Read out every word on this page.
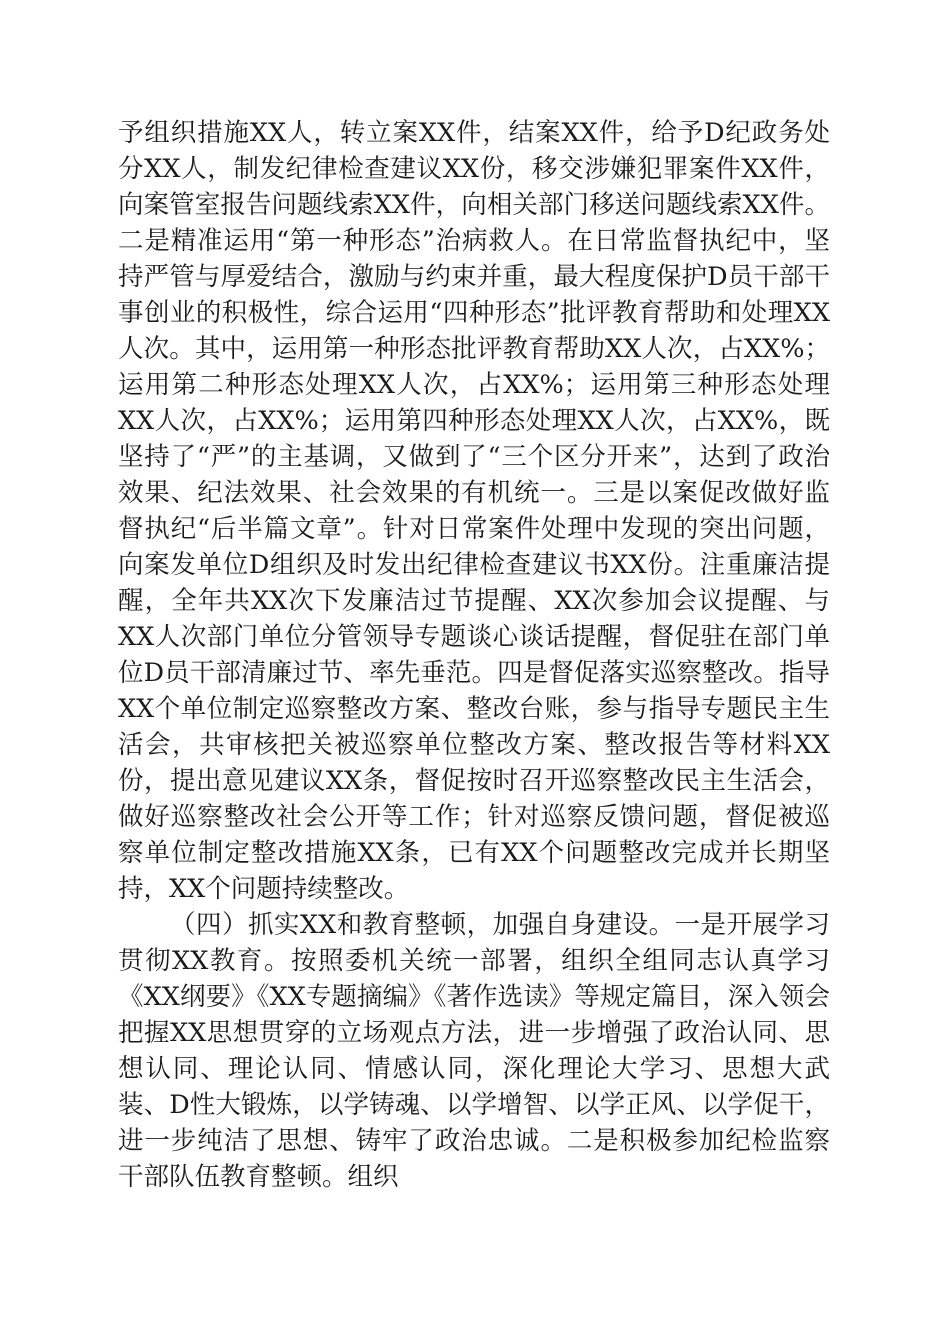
予组织措施XX人，转立案XX件，结案XX件，给予D纪政务处分XX人，制发纪律检查建议XX份，移交涉嫌犯罪案件XX件，向案管室报告问题线索XX件，向相关部门移送问题线索XX件。二是精准运用“第一种形态”治病救人。在日常监督执纪中，坚持严管与厚爱结合，激励与约束并重，最大程度保护D员干部干事创业的积极性，综合运用“四种形态”批评教育帮助和处理XX人次。其中，运用第一种形态批评教育帮助XX人次，占XX%；运用第二种形态处理XX人次，占XX%；运用第三种形态处理XX人次，占XX%；运用第四种形态处理XX人次，占XX%，既坚持了“严”的主基调，又做到了“三个区分开来”，达到了政治效果、纪法效果、社会效果的有机统一。三是以案促改做好监督执纪“后半篇文章”。针对日常案件处理中发现的突出问题，向案发单位D组织及时发出纪律检查建议书XX份。注重廉洁提醒，全年共XX次下发廉洁过节提醒、XX次参加会议提醒、与XX人次部门单位分管领导专题谈心谈话提醒，督促驻在部门单位D员干部清廉过节、率先垂范。四是督促落实巡察整改。指导XX个单位制定巡察整改方案、整改台账，参与指导专题民主生活会，共审核把关被巡察单位整改方案、整改报告等材料XX份，提出意见建议XX条，督促按时召开巡察整改民主生活会，做好巡察整改社会公开等工作；针对巡察反馈问题，督促被巡察单位制定整改措施XX条，已有XX个问题整改完成并长期坚持，XX个问题持续整改。

（四）抓实XX和教育整顿，加强自身建设。一是开展学习贯彻XX教育。按照委机关统一部署，组织全组同志认真学习《XX纲要》《XX专题摘编》《著作选读》等规定篇目，深入领会把握XX思想贯穿的立场观点方法，进一步增强了政治认同、思想认同、理论认同、情感认同，深化理论大学习、思想大武装、D性大锻炼，以学铸魂、以学增智、以学正风、以学促干，进一步纯洁了思想、铸牢了政治忠诚。二是积极参加纪检监察干部队伍教育整顿。组织
